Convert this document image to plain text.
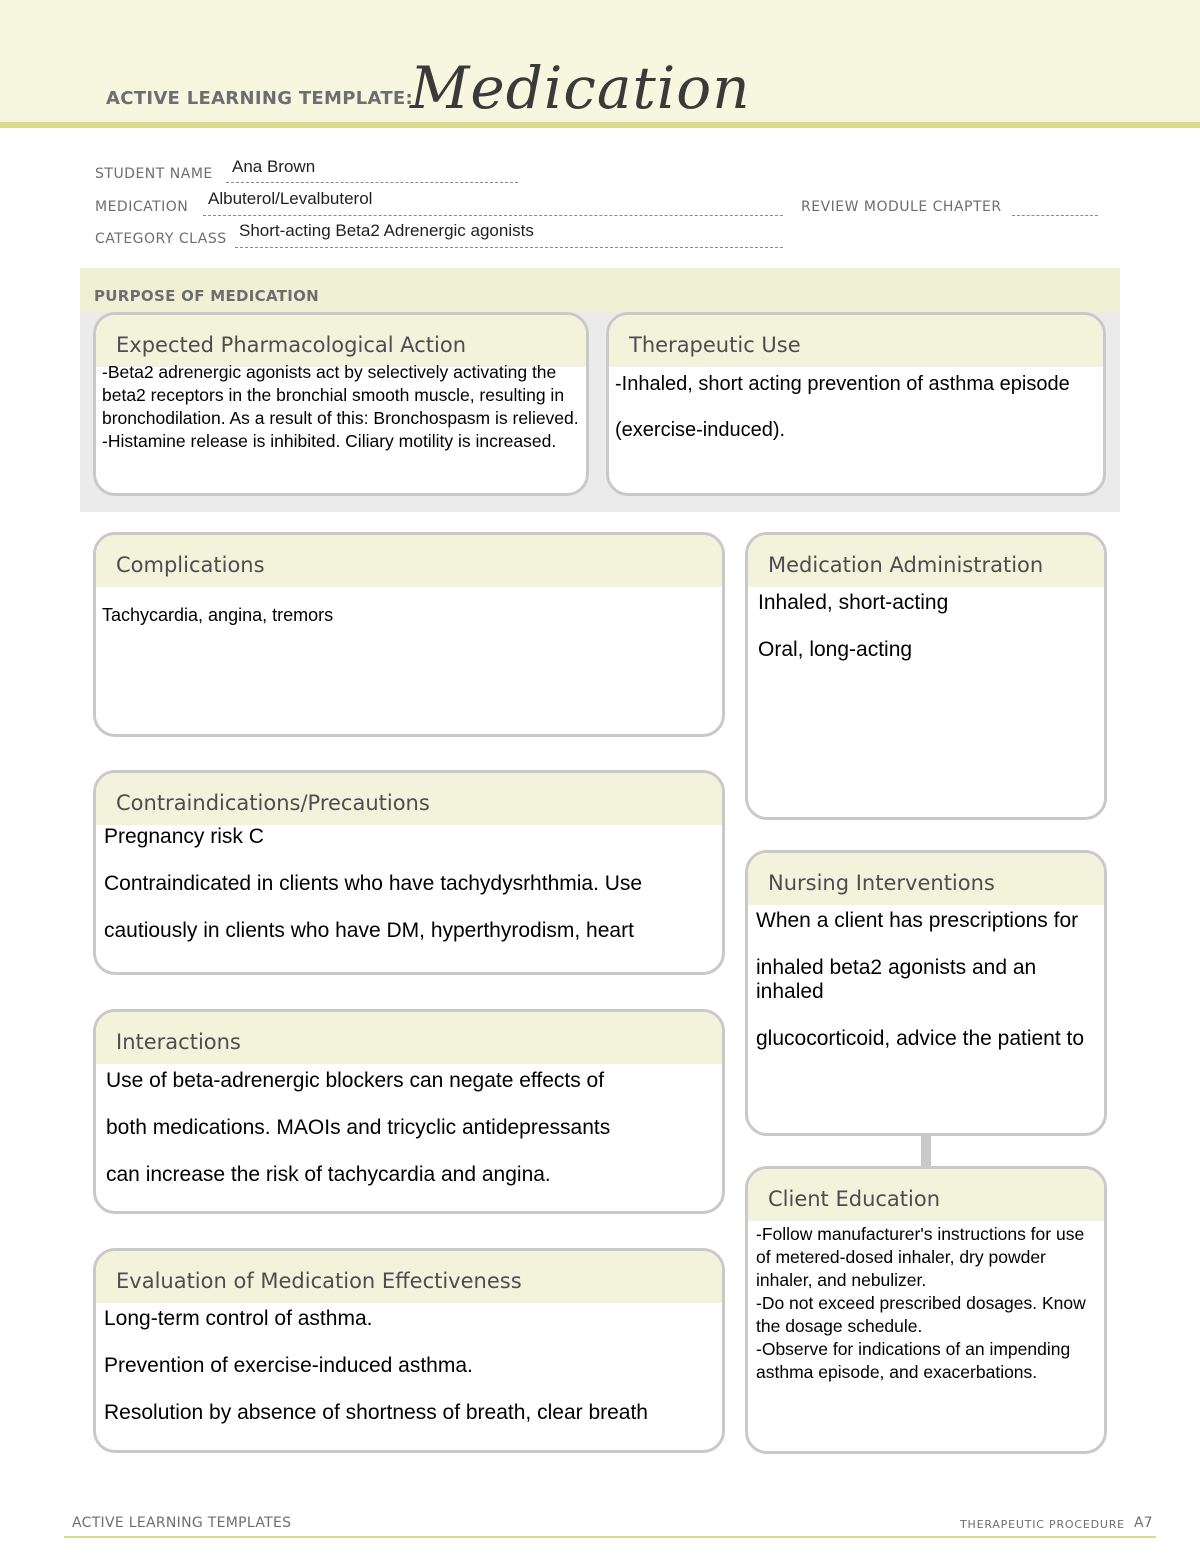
ACTIVE LEARNING TEMPLATE:
Medication
STUDENT NAME Ana Brown
MEDICATION Albuterol/Levalbuterol	REVIEW MODULE CHAPTER
CATEGORY CLASS Short-acting Beta2 Adrenergic agonists
PURPOSE OF MEDICATION
Expected Pharmacological Action

-Beta2 adrenergic agonists act by selectively activating the beta2 receptors in the bronchial smooth muscle, resulting in bronchodilation. As a result of this: Bronchospasm is relieved.
-Histamine release is inhibited. Ciliary motility is increased.

Therapeutic Use

-Inhaled, short acting prevention of asthma episode

(exercise-induced).

Complications

Tachycardia, angina, tremors

Contraindications/Precautions

Pregnancy risk C

Contraindicated in clients who have tachydysrhthmia. Use

cautiously in clients who have DM, hyperthyrodism, heart

Interactions

Use of beta-adrenergic blockers can negate effects of

both medications. MAOIs and tricyclic antidepressants

can increase the risk of tachycardia and angina.

Evaluation of Medication Effectiveness

Long-term control of asthma.

Prevention of exercise-induced asthma.

Resolution by absence of shortness of breath, clear breath

Medication Administration

Inhaled, short-acting

Oral, long-acting

Nursing Interventions

When a client has prescriptions for

inhaled beta2 agonists and an inhaled

glucocorticoid, advice the patient to

Client Education

-Follow manufacturer's instructions for use of metered-dosed inhaler, dry powder inhaler, and nebulizer.
-Do not exceed prescribed dosages. Know the dosage schedule.
-Observe for indications of an impending asthma episode, and exacerbations.

ACTIVE LEARNING TEMPLATES	THERAPEUTIC PROCEDURE A7
